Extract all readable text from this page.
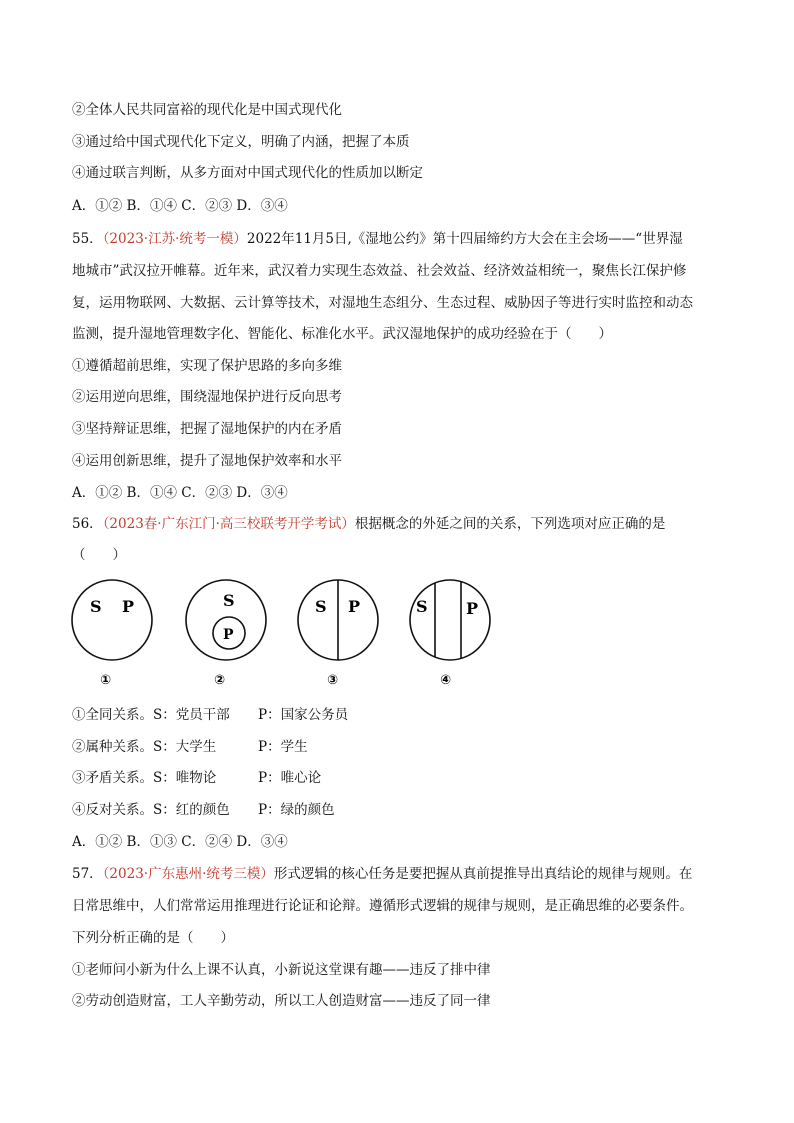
②全体人民共同富裕的现代化是中国式现代化
③通过给中国式现代化下定义，明确了内涵，把握了本质
④通过联言判断，从多方面对中国式现代化的性质加以断定
A．①② B．①④ C．②③ D．③④
55．（2023·江苏·统考一模）2022年11月5日,《湿地公约》第十四届缔约方大会在主会场——“世界湿
地城市”武汉拉开帷幕。近年来，武汉着力实现生态效益、社会效益、经济效益相统一，聚焦长江保护修
复，运用物联网、大数据、云计算等技术，对湿地生态组分、生态过程、威胁因子等进行实时监控和动态
监测，提升湿地管理数字化、智能化、标准化水平。武汉湿地保护的成功经验在于（　　）
①遵循超前思维，实现了保护思路的多向多维
②运用逆向思维，围绕湿地保护进行反向思考
③坚持辩证思维，把握了湿地保护的内在矛盾
④运用创新思维，提升了湿地保护效率和水平
A．①② B．①④ C．②③ D．③④
56．（2023春·广东江门·高三校联考开学考试）根据概念的外延之间的关系，下列选项对应正确的是
（　　）
S P	S
P
S P	S P
①	②	③	④
①全同关系。S：党员干部 P：国家公务员
②属种关系。S：大学生	P：学生
③矛盾关系。S：唯物论	P：唯心论
④反对关系。S：红的颜色 P：绿的颜色
A．①② B．①③ C．②④ D．③④
57．（2023·广东惠州·统考三模）形式逻辑的核心任务是要把握从真前提推导出真结论的规律与规则。在
日常思维中，人们常常运用推理进行论证和论辩。遵循形式逻辑的规律与规则，是正确思维的必要条件。
下列分析正确的是（　　）
①老师问小新为什么上课不认真，小新说这堂课有趣——违反了排中律
②劳动创造财富，工人辛勤劳动，所以工人创造财富——违反了同一律
